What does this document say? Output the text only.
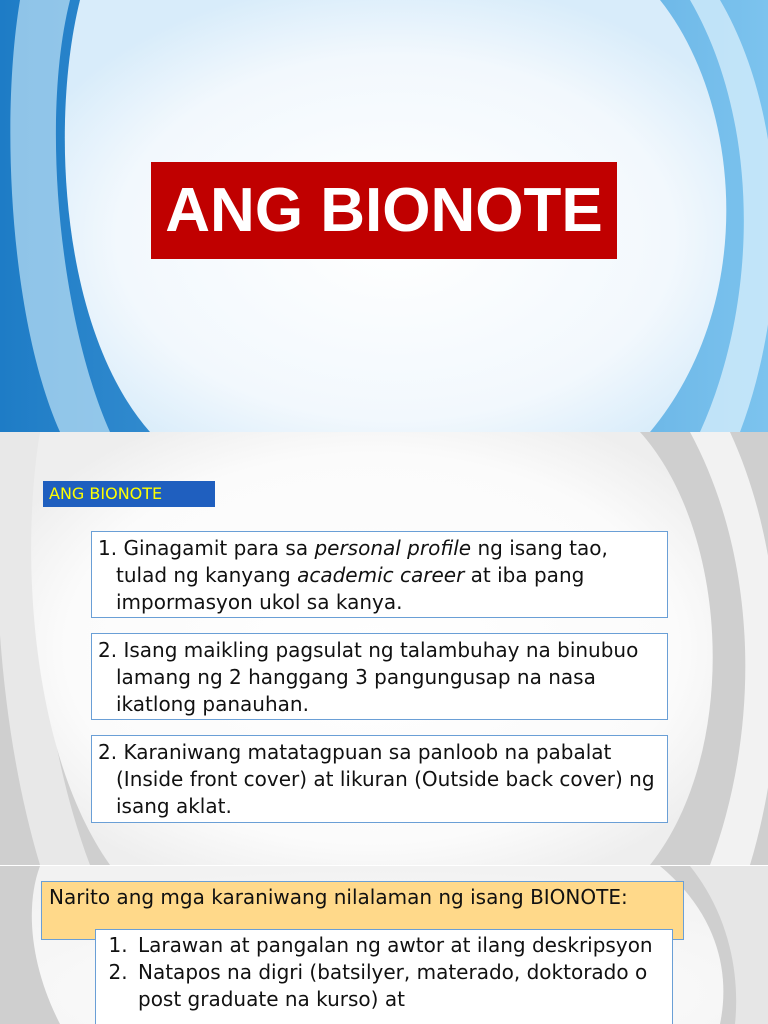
ANG BIONOTE
ANG BIONOTE
1. Ginagamit para sa personal profile ng isang tao, tulad ng kanyang academic career at iba pang impormasyon ukol sa kanya.
2. Isang maikling pagsulat ng talambuhay na binubuo lamang ng 2 hanggang 3 pangungusap na nasa ikatlong panauhan.
2. Karaniwang matatagpuan sa panloob na pabalat (Inside front cover) at likuran (Outside back cover) ng isang aklat.
Narito ang mga karaniwang nilalaman ng isang BIONOTE:
1. Larawan at pangalan ng awtor at ilang deskripsyon
2. Natapos na digri (batsilyer, materado, doktorado o post graduate na kurso) at
